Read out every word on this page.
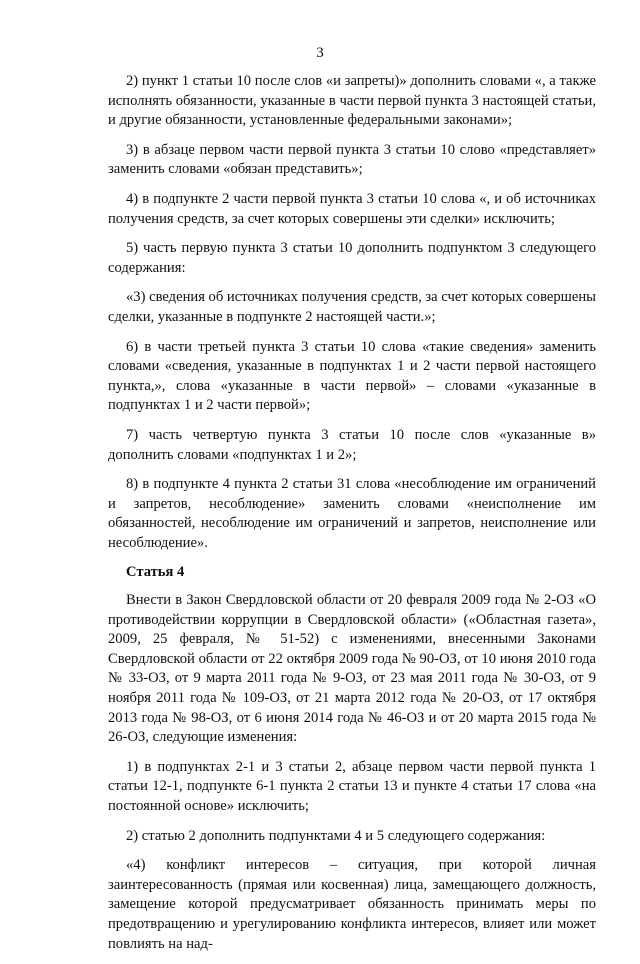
3

2) пункт 1 статьи 10 после слов «и запреты)» дополнить словами «, а также исполнять обязанности, указанные в части первой пункта 3 настоящей статьи, и другие обязанности, установленные федеральными законами»;

3) в абзаце первом части первой пункта 3 статьи 10 слово «представляет» заменить словами «обязан представить»;

4) в подпункте 2 части первой пункта 3 статьи 10 слова «, и об источниках получения средств, за счет которых совершены эти сделки» исключить;

5) часть первую пункта 3 статьи 10 дополнить подпунктом 3 следующего содержания:

«3) сведения об источниках получения средств, за счет которых совершены сделки, указанные в подпункте 2 настоящей части.»;

6) в части третьей пункта 3 статьи 10 слова «такие сведения» заменить словами «сведения, указанные в подпунктах 1 и 2 части первой настоящего пункта,», слова «указанные в части первой» – словами «указанные в подпунктах 1 и 2 части первой»;

7) часть четвертую пункта 3 статьи 10 после слов «указанные в» дополнить словами «подпунктах 1 и 2»;

8) в подпункте 4 пункта 2 статьи 31 слова «несоблюдение им ограничений и запретов, несоблюдение» заменить словами «неисполнение им обязанностей, несоблюдение им ограничений и запретов, неисполнение или несоблюдение».

Статья 4

Внести в Закон Свердловской области от 20 февраля 2009 года № 2-ОЗ «О противодействии коррупции в Свердловской области» («Областная газета», 2009, 25 февраля, № 51-52) с изменениями, внесенными Законами Свердловской области от 22 октября 2009 года № 90-ОЗ, от 10 июня 2010 года № 33-ОЗ, от 9 марта 2011 года № 9-ОЗ, от 23 мая 2011 года № 30-ОЗ, от 9 ноября 2011 года № 109-ОЗ, от 21 марта 2012 года № 20-ОЗ, от 17 октября 2013 года № 98-ОЗ, от 6 июня 2014 года № 46-ОЗ и от 20 марта 2015 года № 26-ОЗ, следующие изменения:

1) в подпунктах 2-1 и 3 статьи 2, абзаце первом части первой пункта 1 статьи 12-1, подпункте 6-1 пункта 2 статьи 13 и пункте 4 статьи 17 слова «на постоянной основе» исключить;

2) статью 2 дополнить подпунктами 4 и 5 следующего содержания:

«4) конфликт интересов – ситуация, при которой личная заинтересованность (прямая или косвенная) лица, замещающего должность, замещение которой предусматривает обязанность принимать меры по предотвращению и урегулированию конфликта интересов, влияет или может повлиять на над-
